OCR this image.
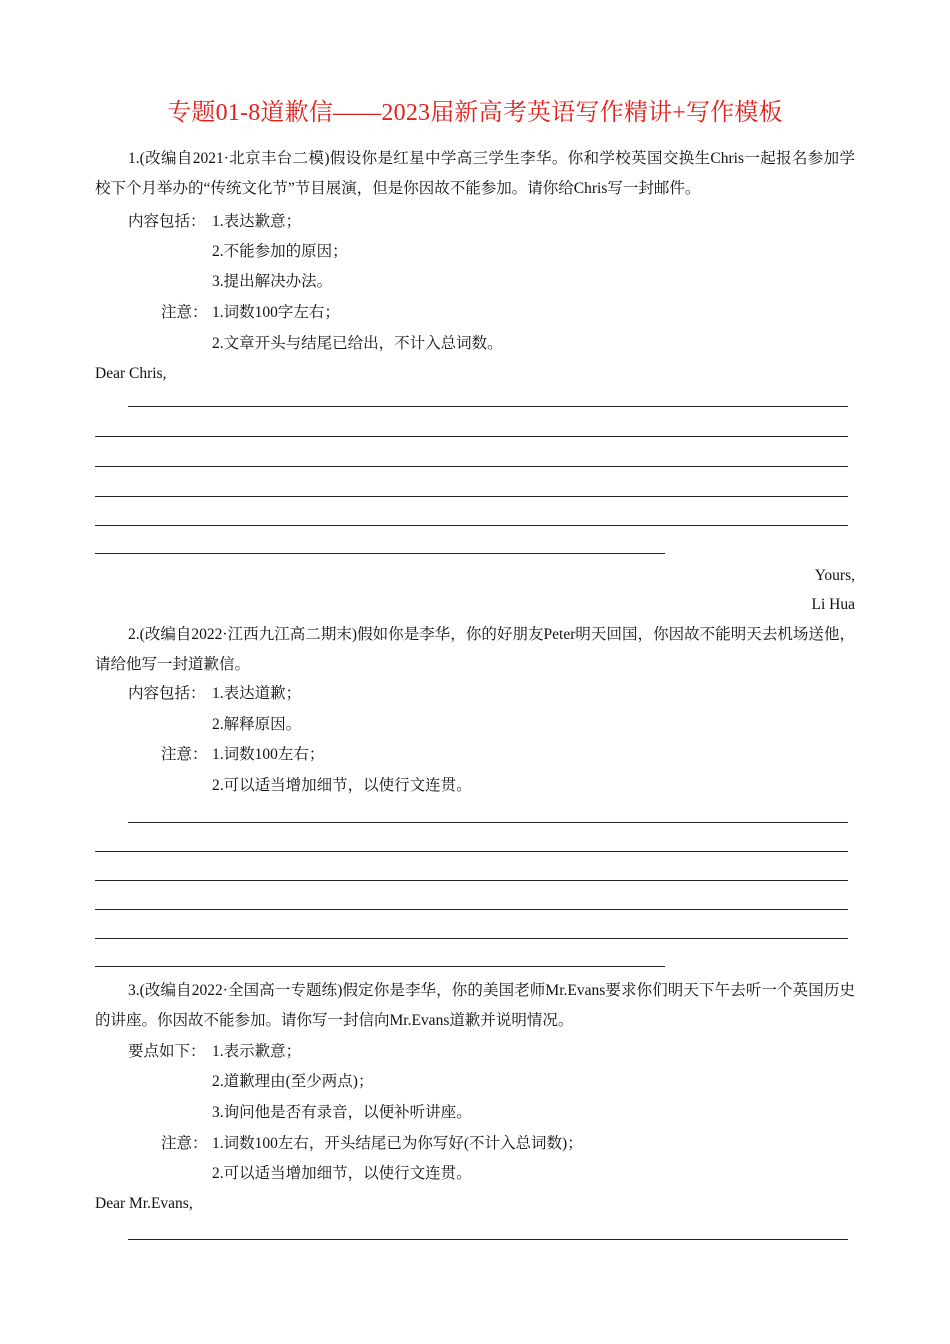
专题01-8道歉信——2023届新高考英语写作精讲+写作模板
1.(改编自2021·北京丰台二模)假设你是红星中学高三学生李华。你和学校英国交换生Chris一起报名参加学校下个月举办的“传统文化节”节目展演，但是你因故不能参加。请你给Chris写一封邮件。
内容包括： 1.表达歉意；
2.不能参加的原因；
3.提出解决办法。
注意： 1.词数100字左右；
2.文章开头与结尾已给出，不计入总词数。
Dear Chris,
Yours,
Li Hua
2.(改编自2022·江西九江高二期末)假如你是李华，你的好朋友Peter明天回国，你因故不能明天去机场送他，请给他写一封道歉信。
内容包括： 1.表达道歉；
2.解释原因。
注意： 1.词数100左右；
2.可以适当增加细节，以使行文连贯。
3.(改编自2022·全国高一专题练)假定你是李华，你的美国老师Mr.Evans要求你们明天下午去听一个英国历史的讲座。你因故不能参加。请你写一封信向Mr.Evans道歉并说明情况。
要点如下： 1.表示歉意；
2.道歉理由(至少两点)；
3.询问他是否有录音，以便补听讲座。
注意： 1.词数100左右，开头结尾已为你写好(不计入总词数)；
2.可以适当增加细节，以使行文连贯。
Dear Mr.Evans,
